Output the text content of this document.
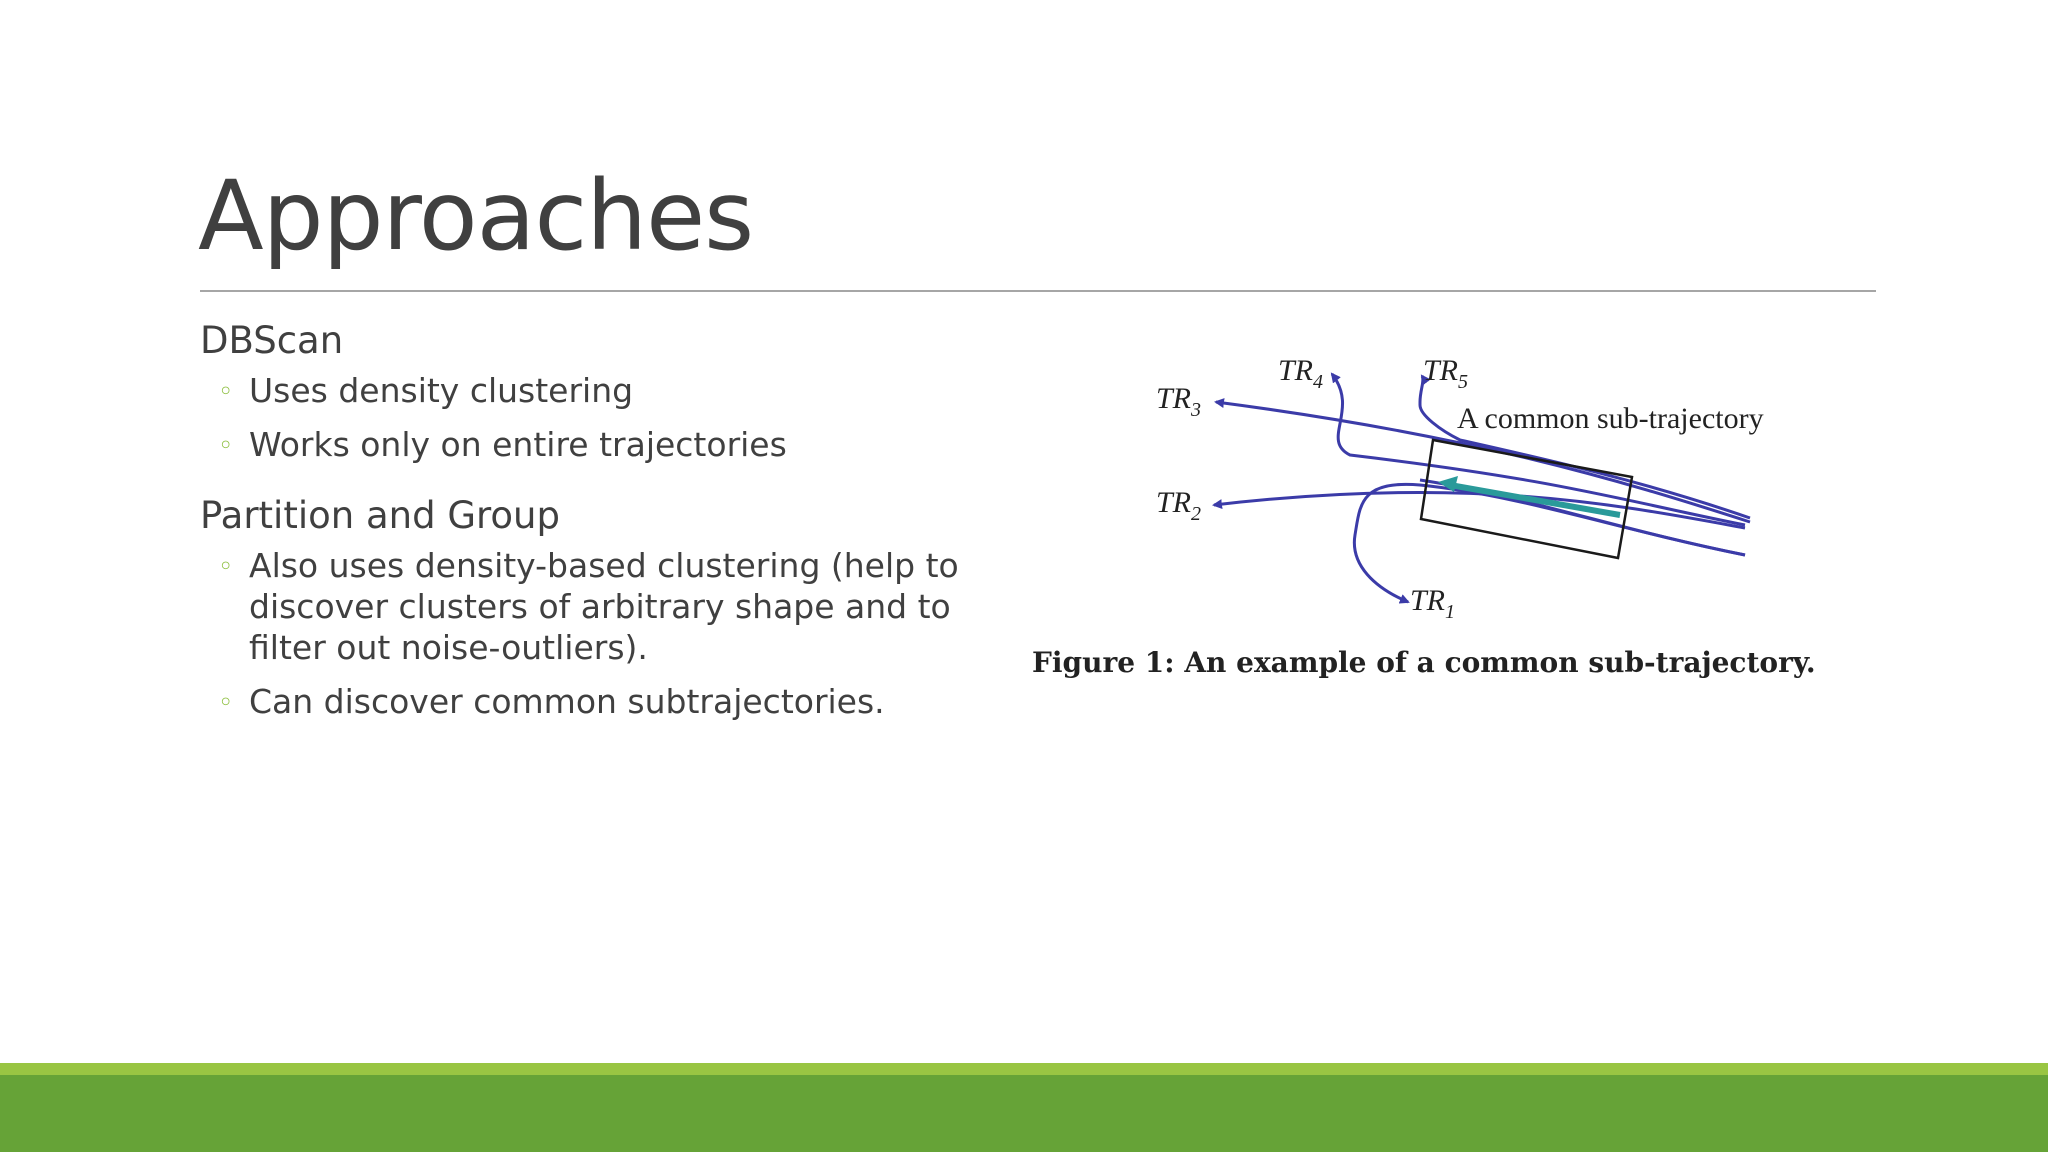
Approaches
DBScan
◦ Uses density clustering
◦ Works only on entire trajectories
Partition and Group
◦ Also uses density-based clustering (help to discover clusters of arbitrary shape and to filter out noise-outliers).
◦ Can discover common subtrajectories.
$TR_4$	$TR_5$
$TR_3$
$TR_2$
$TR_1$
A common sub-trajectory
Figure 1: An example of a common sub-trajectory.
